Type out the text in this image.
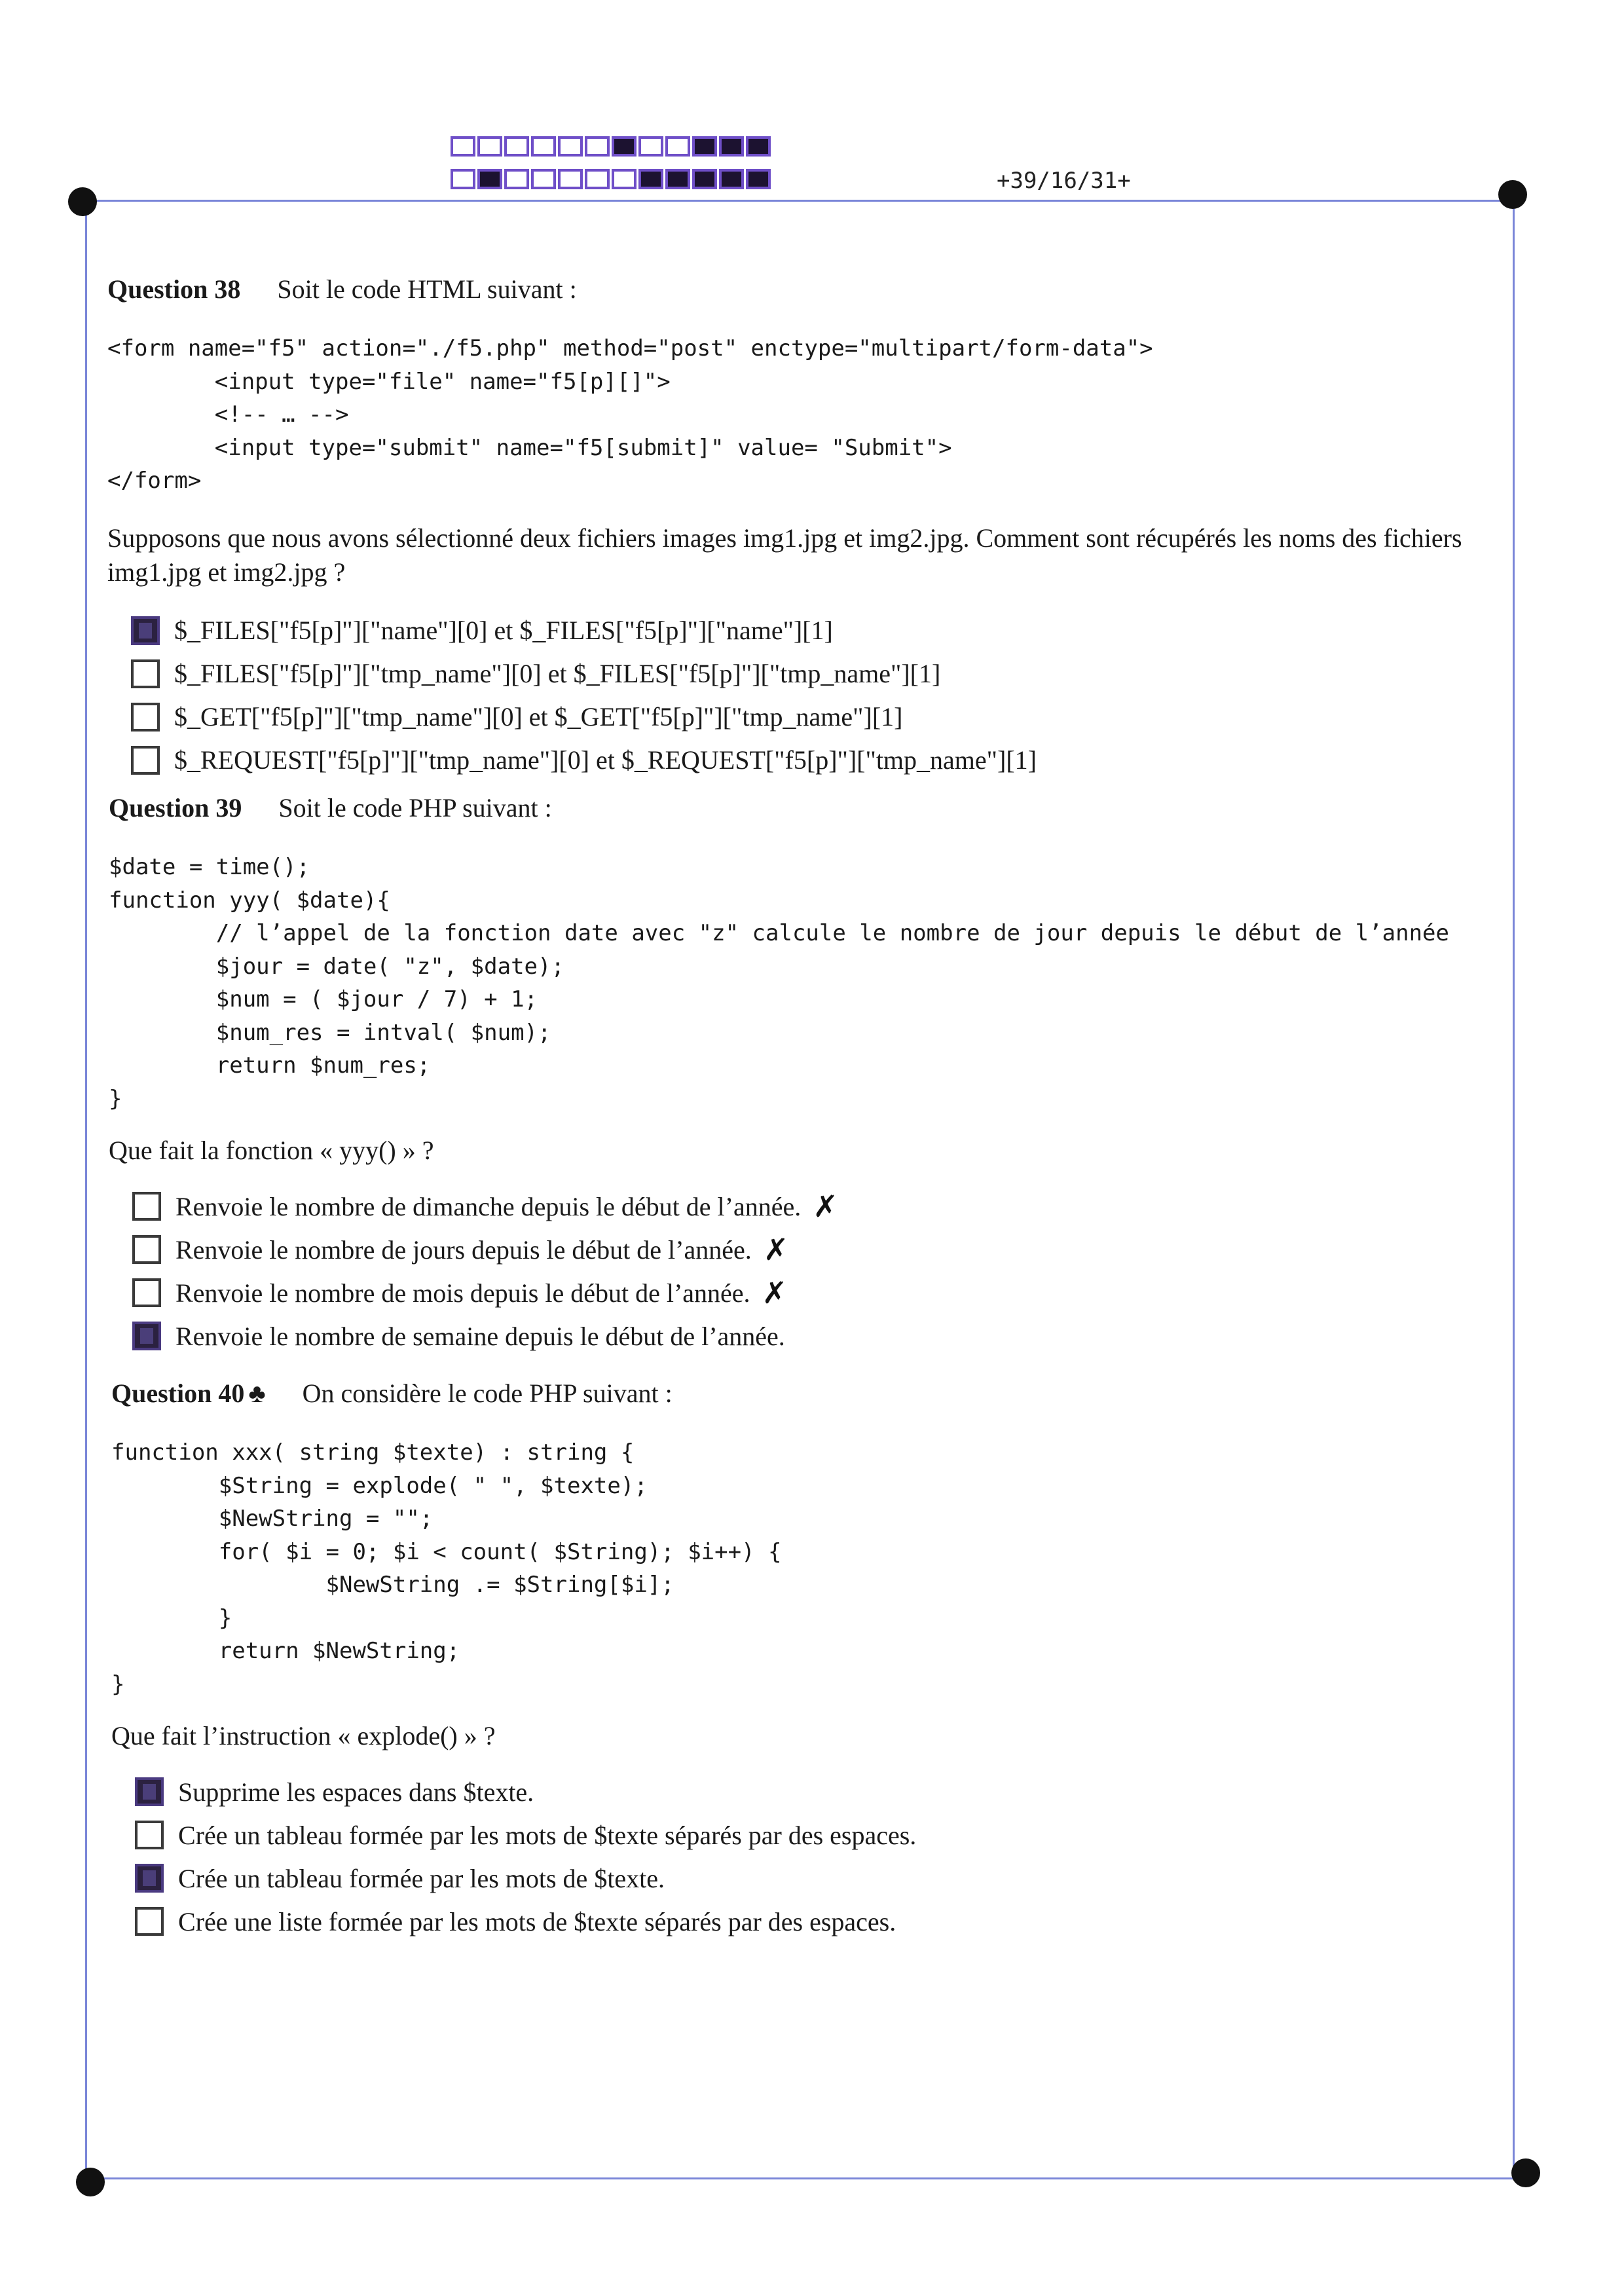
+39/16/31+
Question 38 Soit le code HTML suivant :
<form name="f5" action="./f5.php" method="post" enctype="multipart/form-data">
<input type="file" name="f5[p][]">
<!-- … -->
<input type="submit" name="f5[submit]" value= "Submit">
</form>
Supposons que nous avons sélectionné deux fichiers images img1.jpg et img2.jpg. Comment sont récupérés les noms des fichiers img1.jpg et img2.jpg ?
$_FILES["f5[p]"]["name"][0] et $_FILES["f5[p]"]["name"][1]
$_FILES["f5[p]"]["tmp_name"][0] et $_FILES["f5[p]"]["tmp_name"][1]
$_GET["f5[p]"]["tmp_name"][0] et $_GET["f5[p]"]["tmp_name"][1]
$_REQUEST["f5[p]"]["tmp_name"][0] et $_REQUEST["f5[p]"]["tmp_name"][1]
Question 39 Soit le code PHP suivant :
$date = time();
function yyy( $date){
// l’appel de la fonction date avec "z" calcule le nombre de jour depuis le début de l’année
$jour = date( "z", $date);
$num = ( $jour / 7) + 1;
$num_res = intval( $num);
return $num_res;
}
Que fait la fonction « yyy() » ?
Renvoie le nombre de dimanche depuis le début de l’année. ✗
Renvoie le nombre de jours depuis le début de l’année. ✗
Renvoie le nombre de mois depuis le début de l’année. ✗
Renvoie le nombre de semaine depuis le début de l’année.
Question 40 ♣ On considère le code PHP suivant :
function xxx( string $texte) : string {
$String = explode( " ", $texte);
$NewString = "";
for( $i = 0; $i < count( $String); $i++) {
$NewString .= $String[$i];
}
return $NewString;
}
Que fait l’instruction « explode() » ?
Supprime les espaces dans $texte.
Crée un tableau formée par les mots de $texte séparés par des espaces.
Crée un tableau formée par les mots de $texte.
Crée une liste formée par les mots de $texte séparés par des espaces.
